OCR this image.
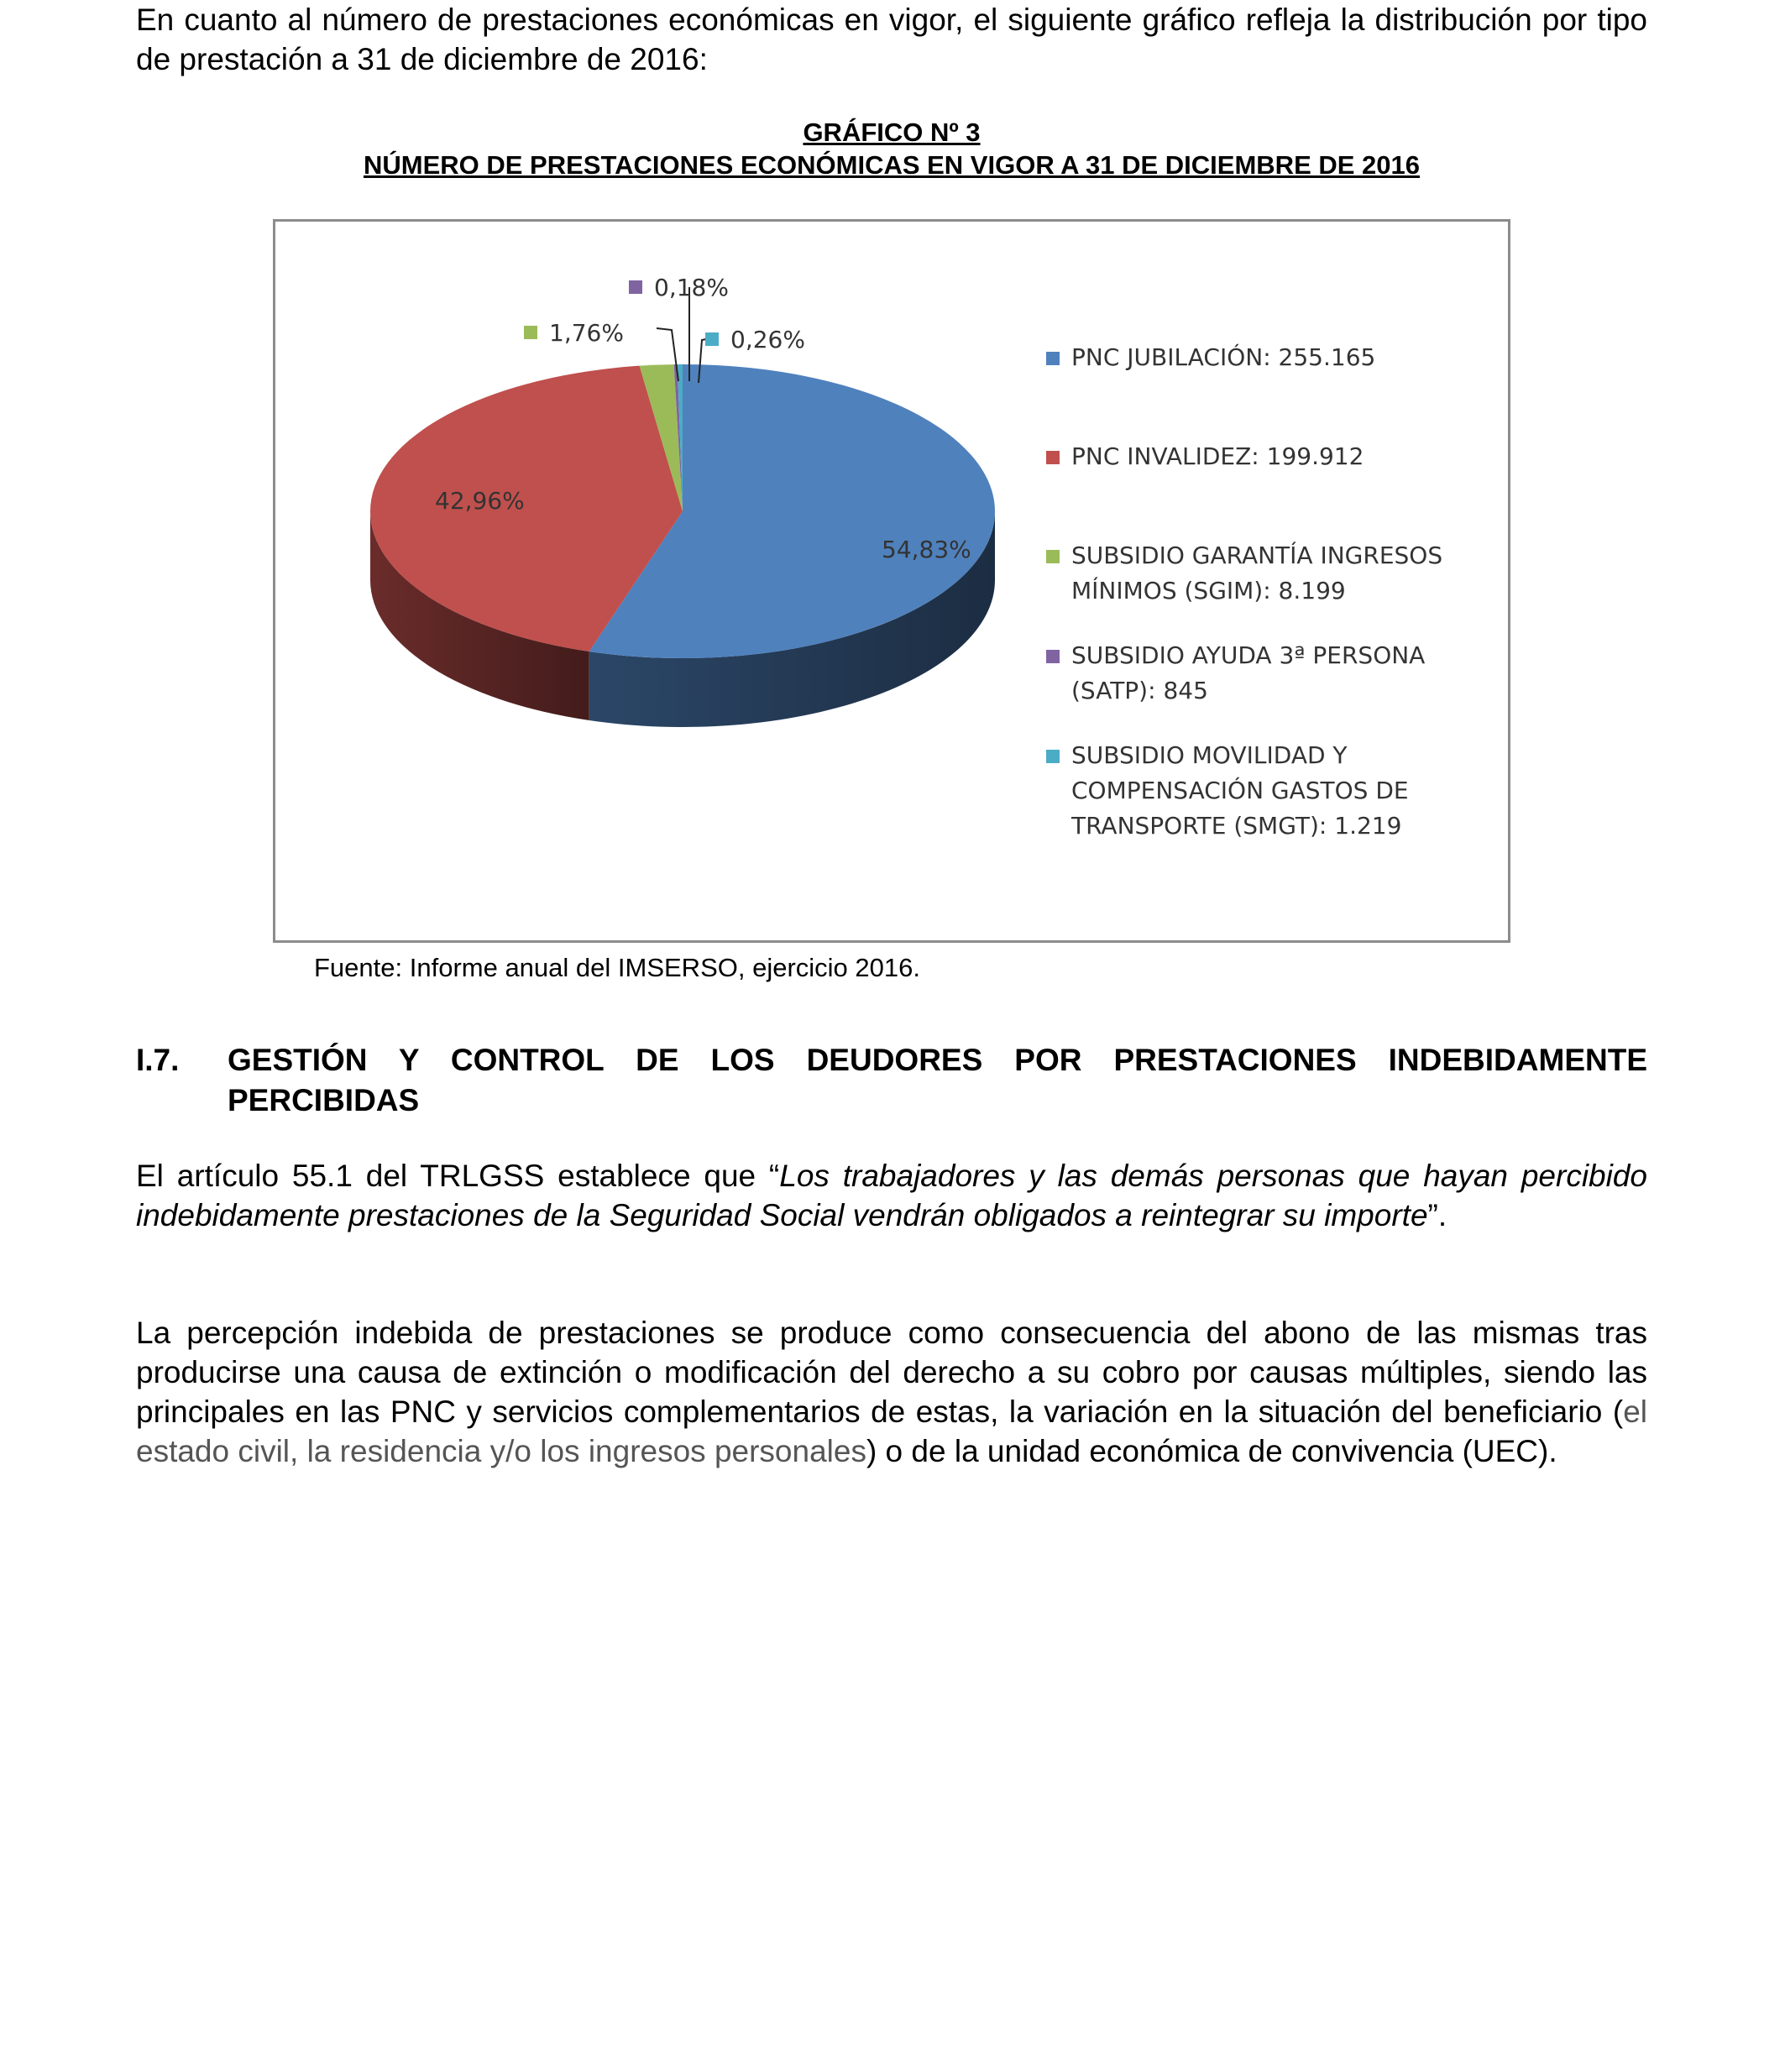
En cuanto al número de prestaciones económicas en vigor, el siguiente gráfico refleja la distribución por tipo de prestación a 31 de diciembre de 2016:

GRÁFICO Nº 3
NÚMERO DE PRESTACIONES ECONÓMICAS EN VIGOR A 31 DE DICIEMBRE DE 2016
42,96%
54,83%
1,76%
0,18%
0,26%
PNC JUBILACIÓN: 255.165
PNC INVALIDEZ: 199.912
SUBSIDIO GARANTÍA INGRESOS MÍNIMOS (SGIM): 8.199
SUBSIDIO AYUDA 3ª PERSONA (SATP): 845
SUBSIDIO MOVILIDAD Y COMPENSACIÓN GASTOS DE TRANSPORTE (SMGT): 1.219
Fuente: Informe anual del IMSERSO, ejercicio 2016.
I.7. GESTIÓN Y CONTROL DE LOS DEUDORES POR PRESTACIONES INDEBIDAMENTE PERCIBIDAS

El artículo 55.1 del TRLGSS establece que “Los trabajadores y las demás personas que hayan percibido indebidamente prestaciones de la Seguridad Social vendrán obligados a reintegrar su importe”.

La percepción indebida de prestaciones se produce como consecuencia del abono de las mismas tras producirse una causa de extinción o modificación del derecho a su cobro por causas múltiples, siendo las principales en las PNC y servicios complementarios de estas, la variación en la situación del beneficiario (el estado civil, la residencia y/o los ingresos personales) o de la unidad económica de convivencia (UEC).
